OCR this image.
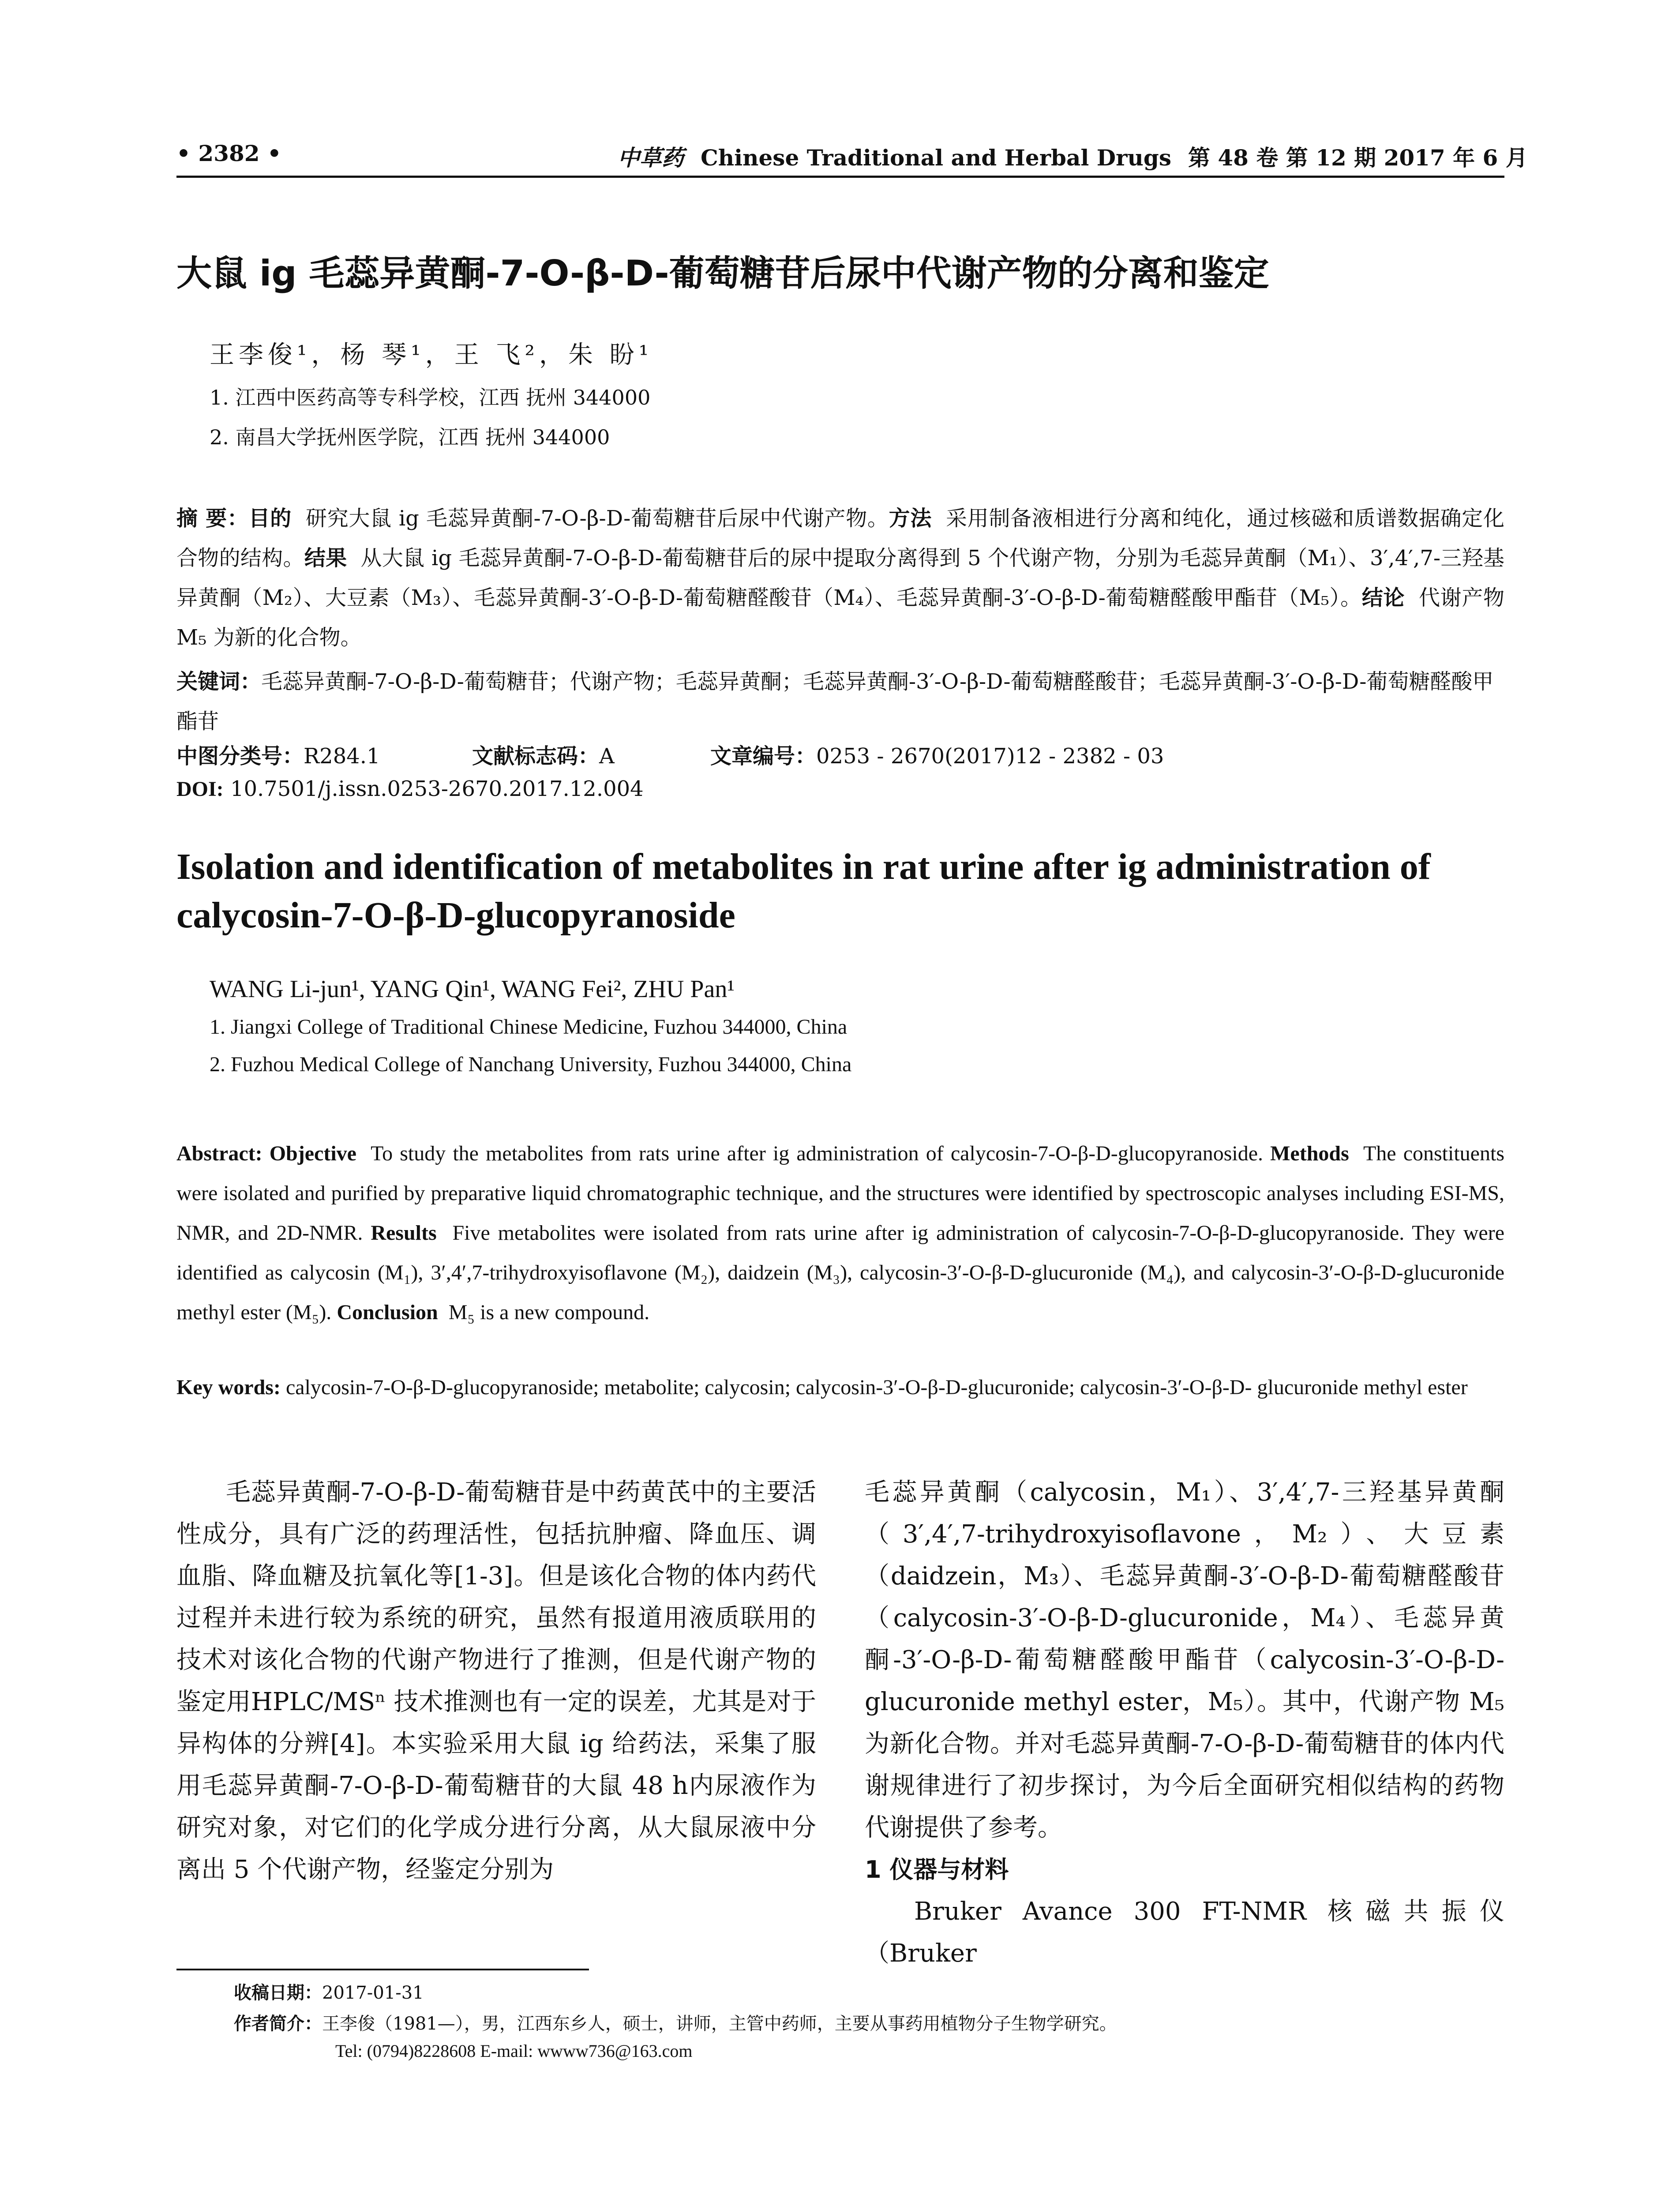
• 2382 •	中草药 Chinese Traditional and Herbal Drugs 第 48 卷 第 12 期 2017 年 6 月
大鼠 ig 毛蕊异黄酮-7-O-β-D-葡萄糖苷后尿中代谢产物的分离和鉴定
王李俊¹，杨 琴¹，王 飞²，朱 盼¹
1. 江西中医药高等专科学校，江西 抚州 344000
2. 南昌大学抚州医学院，江西 抚州 344000
摘 要：目的 研究大鼠 ig 毛蕊异黄酮-7-O-β-D-葡萄糖苷后尿中代谢产物。方法 采用制备液相进行分离和纯化，通过核磁和质谱数据确定化合物的结构。结果 从大鼠 ig 毛蕊异黄酮-7-O-β-D-葡萄糖苷后的尿中提取分离得到 5 个代谢产物，分别为毛蕊异黄酮（M₁）、3′,4′,7-三羟基异黄酮（M₂）、大豆素（M₃）、毛蕊异黄酮-3′-O-β-D-葡萄糖醛酸苷（M₄）、毛蕊异黄酮-3′-O-β-D-葡萄糖醛酸甲酯苷（M₅）。结论 代谢产物 M₅ 为新的化合物。
关键词：毛蕊异黄酮-7-O-β-D-葡萄糖苷；代谢产物；毛蕊异黄酮；毛蕊异黄酮-3′-O-β-D-葡萄糖醛酸苷；毛蕊异黄酮-3′-O-β-D-葡萄糖醛酸甲酯苷
中图分类号：R284.1	文献标志码：A	文章编号：0253 - 2670(2017)12 - 2382 - 03
DOI: 10.7501/j.issn.0253-2670.2017.12.004
Isolation and identification of metabolites in rat urine after ig administration of
calycosin-7-O-β-D-glucopyranoside
WANG Li-jun¹, YANG Qin¹, WANG Fei², ZHU Pan¹
1. Jiangxi College of Traditional Chinese Medicine, Fuzhou 344000, China
2. Fuzhou Medical College of Nanchang University, Fuzhou 344000, China
Abstract: Objective To study the metabolites from rats urine after ig administration of calycosin-7-O-β-D-glucopyranoside. Methods The constituents were isolated and purified by preparative liquid chromatographic technique, and the structures were identified by spectroscopic analyses including ESI-MS, NMR, and 2D-NMR. Results Five metabolites were isolated from rats urine after ig administration of calycosin-7-O-β-D-glucopyranoside. They were identified as calycosin (M₁), 3′,4′,7-trihydroxyisoflavone (M₂), daidzein (M₃), calycosin-3′-O-β-D-glucuronide (M₄), and calycosin-3′-O-β-D-glucuronide methyl ester (M₅). Conclusion M₅ is a new compound.
Key words: calycosin-7-O-β-D-glucopyranoside; metabolite; calycosin; calycosin-3′-O-β-D-glucuronide; calycosin-3′-O-β-D- glucuronide methyl ester
毛蕊异黄酮-7-O-β-D-葡萄糖苷是中药黄芪中的主要活性成分，具有广泛的药理活性，包括抗肿瘤、降血压、调血脂、降血糖及抗氧化等[1-3]。但是该化合物的体内药代过程并未进行较为系统的研究，虽然有报道用液质联用的技术对该化合物的代谢产物进行了推测，但是代谢产物的鉴定用HPLC/MSⁿ 技术推测也有一定的误差，尤其是对于异构体的分辨[4]。本实验采用大鼠 ig 给药法，采集了服用毛蕊异黄酮-7-O-β-D-葡萄糖苷的大鼠 48 h内尿液作为研究对象，对它们的化学成分进行分离，从大鼠尿液中分离出 5 个代谢产物，经鉴定分别为
毛蕊异黄酮（calycosin，M₁）、3′,4′,7-三羟基异黄酮（3′,4′,7-trihydroxyisoflavone，M₂）、大豆素（daidzein，M₃）、毛蕊异黄酮-3′-O-β-D-葡萄糖醛酸苷（calycosin-3′-O-β-D-glucuronide，M₄）、毛蕊异黄酮-3′-O-β-D-葡萄糖醛酸甲酯苷（calycosin-3′-O-β-D-glucuronide methyl ester，M₅）。其中，代谢产物 M₅ 为新化合物。并对毛蕊异黄酮-7-O-β-D-葡萄糖苷的体内代谢规律进行了初步探讨，为今后全面研究相似结构的药物代谢提供了参考。
1 仪器与材料
Bruker Avance 300 FT-NMR 核磁共振仪（Bruker
收稿日期：2017-01-31
作者简介：王李俊（1981—），男，江西东乡人，硕士，讲师，主管中药师，主要从事药用植物分子生物学研究。
Tel: (0794)8228608 E-mail: wwww736@163.com
